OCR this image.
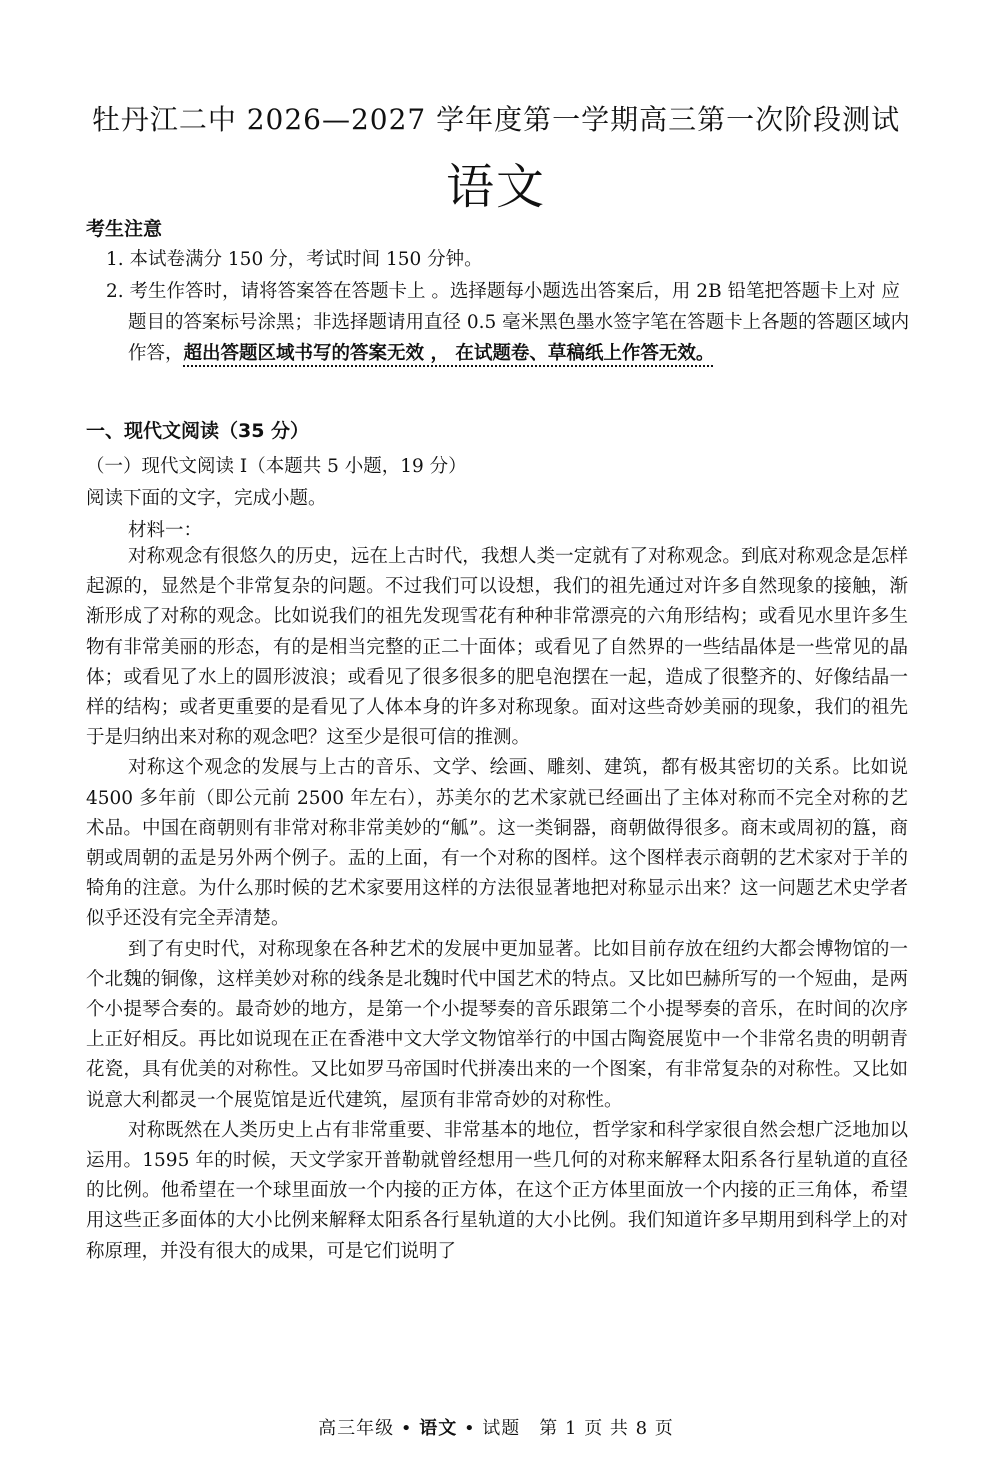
牡丹江二中 2026—2027 学年度第一学期高三第一次阶段测试
语文
考生注意
1. 本试卷满分 150 分，考试时间 150 分钟。
2. 考生作答时，请将答案答在答题卡上 。选择题每小题选出答案后，用 2B 铅笔把答题卡上对 应题目的答案标号涂黑；非选择题请用直径 0.5 毫米黑色墨水签字笔在答题卡上各题的答题区域内作答，超出答题区域书写的答案无效 ， 在试题卷、草稿纸上作答无效。
一、现代文阅读（35 分）
（一）现代文阅读 I（本题共 5 小题，19 分）
阅读下面的文字，完成小题。
材料一：

对称观念有很悠久的历史，远在上古时代，我想人类一定就有了对称观念。到底对称观念是怎样起源的，显然是个非常复杂的问题。不过我们可以设想，我们的祖先通过对许多自然现象的接触，渐渐形成了对称的观念。比如说我们的祖先发现雪花有种种非常漂亮的六角形结构；或看见水里许多生物有非常美丽的形态，有的是相当完整的正二十面体；或看见了自然界的一些结晶体是一些常见的晶体；或看见了水上的圆形波浪；或看见了很多很多的肥皂泡摆在一起，造成了很整齐的、好像结晶一样的结构；或者更重要的是看见了人体本身的许多对称现象。面对这些奇妙美丽的现象，我们的祖先于是归纳出来对称的观念吧？这至少是很可信的推测。

对称这个观念的发展与上古的音乐、文学、绘画、雕刻、建筑，都有极其密切的关系。比如说 4500 多年前（即公元前 2500 年左右），苏美尔的艺术家就已经画出了主体对称而不完全对称的艺术品。中国在商朝则有非常对称非常美妙的“觚”。这一类铜器，商朝做得很多。商末或周初的簋，商朝或周朝的盂是另外两个例子。盂的上面，有一个对称的图样。这个图样表示商朝的艺术家对于羊的犄角的注意。为什么那时候的艺术家要用这样的方法很显著地把对称显示出来？这一问题艺术史学者似乎还没有完全弄清楚。

到了有史时代，对称现象在各种艺术的发展中更加显著。比如目前存放在纽约大都会博物馆的一个北魏的铜像，这样美妙对称的线条是北魏时代中国艺术的特点。又比如巴赫所写的一个短曲，是两个小提琴合奏的。最奇妙的地方，是第一个小提琴奏的音乐跟第二个小提琴奏的音乐，在时间的次序上正好相反。再比如说现在正在香港中文大学文物馆举行的中国古陶瓷展览中一个非常名贵的明朝青花瓷，具有优美的对称性。又比如罗马帝国时代拼凑出来的一个图案，有非常复杂的对称性。又比如说意大利都灵一个展览馆是近代建筑，屋顶有非常奇妙的对称性。

对称既然在人类历史上占有非常重要、非常基本的地位，哲学家和科学家很自然会想广泛地加以运用。1595 年的时候，天文学家开普勒就曾经想用一些几何的对称来解释太阳系各行星轨道的直径的比例。他希望在一个球里面放一个内接的正方体，在这个正方体里面放一个内接的正三角体，希望用这些正多面体的大小比例来解释太阳系各行星轨道的大小比例。我们知道许多早期用到科学上的对称原理，并没有很大的成果，可是它们说明了

高三年级 • 语文 • 试题　第 1 页 共 8 页
